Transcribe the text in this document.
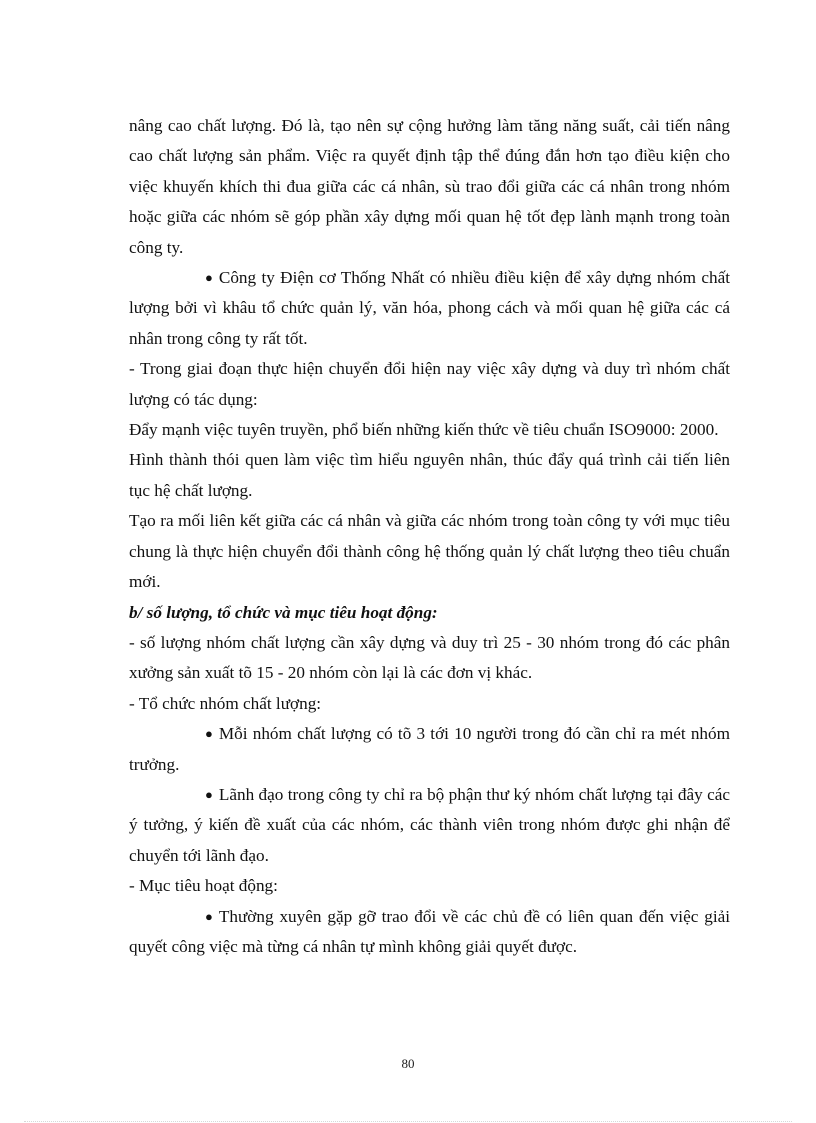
nâng cao chất lượng. Đó là, tạo nên sự cộng hưởng làm tăng năng suất, cải tiến nâng cao chất lượng sản phẩm. Việc ra quyết định tập thể đúng đắn hơn tạo điều kiện cho việc khuyến khích thi đua giữa các cá nhân, sù trao đổi giữa các cá nhân trong nhóm hoặc giữa các nhóm sẽ góp phần xây dựng mối quan hệ tốt đẹp lành mạnh trong toàn công ty.

● Công ty Điện cơ Thống Nhất có nhiều điều kiện để xây dựng nhóm chất lượng bởi vì khâu tổ chức quản lý, văn hóa, phong cách và mối quan hệ giữa các cá nhân trong công ty rất tốt.

- Trong giai đoạn thực hiện chuyển đổi hiện nay việc xây dựng và duy trì nhóm chất lượng có tác dụng:

Đẩy mạnh việc tuyên truyền, phổ biến những kiến thức về tiêu chuẩn ISO9000: 2000.

Hình thành thói quen làm việc tìm hiểu nguyên nhân, thúc đẩy quá trình cải tiến liên tục hệ chất lượng.

Tạo ra mối liên kết giữa các cá nhân và giữa các nhóm trong toàn công ty với mục tiêu chung là thực hiện chuyển đổi thành công hệ thống quản lý chất lượng theo tiêu chuẩn mới.

b/ số lượng, tổ chức và mục tiêu hoạt động:

- số lượng nhóm chất lượng cần xây dựng và duy trì 25 - 30 nhóm trong đó các phân xưởng sản xuất tõ 15 - 20 nhóm còn lại là các đơn vị khác.

- Tổ chức nhóm chất lượng:

● Mỗi nhóm chất lượng có tõ 3 tới 10 người trong đó cần chỉ ra mét nhóm trưởng.

● Lãnh đạo trong công ty chỉ ra bộ phận thư ký nhóm chất lượng tại đây các ý tưởng, ý kiến đề xuất của các nhóm, các thành viên trong nhóm được ghi nhận để chuyển tới lãnh đạo.

- Mục tiêu hoạt động:

● Thường xuyên gặp gỡ trao đổi về các chủ đề có liên quan đến việc giải quyết công việc mà từng cá nhân tự mình không giải quyết được.

80
